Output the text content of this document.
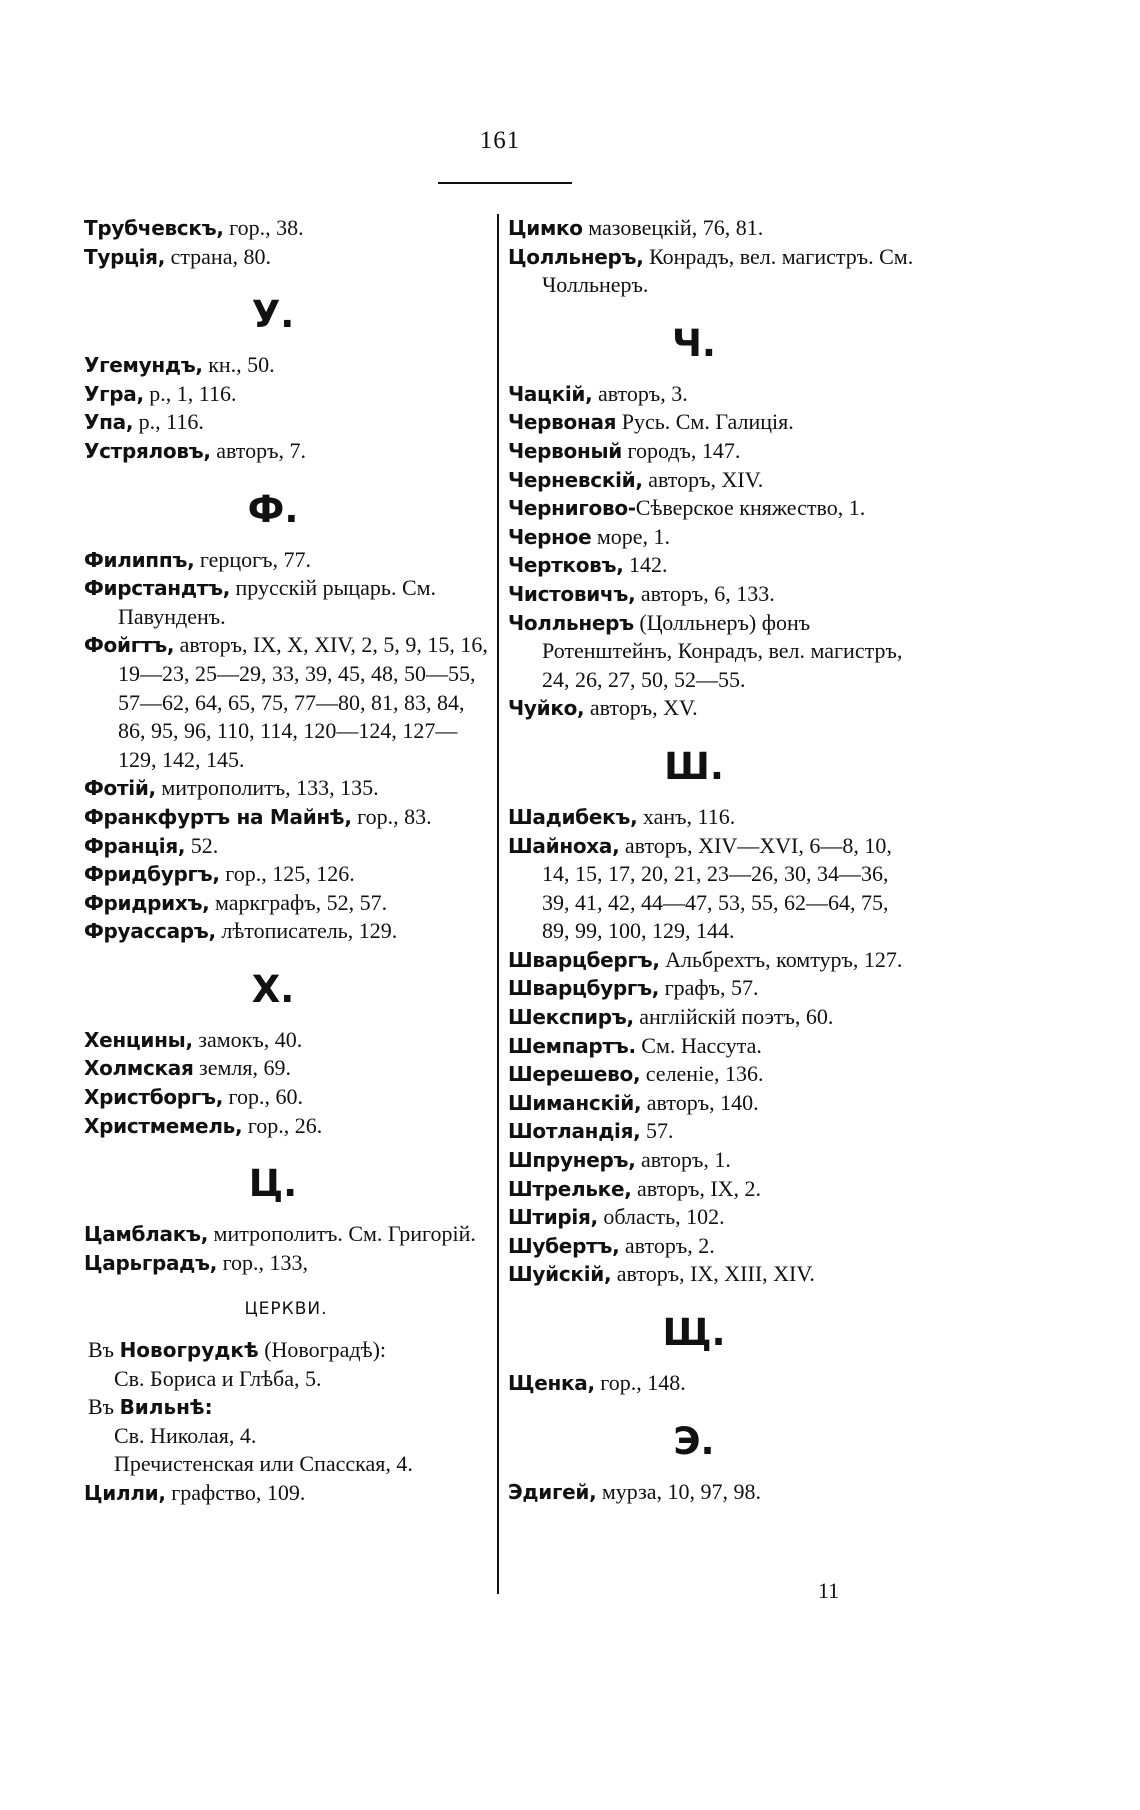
161
Трубчевскъ, гор., 38.
Турція, страна, 80.
У.
Угемундъ, кн., 50.
Угра, р., 1, 116.
Упа, р., 116.
Устряловъ, авторъ, 7.
Ф.
Филиппъ, герцогъ, 77.
Фирстандтъ, прусскій рыцарь. См. Павунденъ.
Фойгтъ, авторъ, IX, X, XIV, 2, 5, 9, 15, 16, 19—23, 25—29, 33, 39, 45, 48, 50—55, 57—62, 64, 65, 75, 77—80, 81, 83, 84, 86, 95, 96, 110, 114, 120—124, 127—129, 142, 145.
Фотій, митрополитъ, 133, 135.
Франкфуртъ на Майнѣ, гор., 83.
Франція, 52.
Фридбургъ, гор., 125, 126.
Фридрихъ, маркграфъ, 52, 57.
Фруассаръ, лѣтописатель, 129.
Х.
Хенцины, замокъ, 40.
Холмская земля, 69.
Христборгъ, гор., 60.
Христмемель, гор., 26.
Ц.
Цамблакъ, митрополитъ. См. Григорій.
Царьградъ, гор., 133,
ЦЕРКВИ.
Въ Новогрудкѣ (Новоградѣ):
Св. Бориса и Глѣба, 5.
Въ Вильнѣ:
Св. Николая, 4.
Пречистенская или Спасская, 4.
Цилли, графство, 109.
Цимко мазовецкій, 76, 81.
Цолльнеръ, Конрадъ, вел. магистръ. См. Чолльнеръ.
Ч.
Чацкій, авторъ, 3.
Червоная Русь. См. Галиція.
Червоный городъ, 147.
Черневскій, авторъ, XIV.
Чернигово-Сѣверское княжество, 1.
Черное море, 1.
Чертковъ, 142.
Чистовичъ, авторъ, 6, 133.
Чолльнеръ (Цолльнеръ) фонъ Ротенштейнъ, Конрадъ, вел. магистръ, 24, 26, 27, 50, 52—55.
Чуйко, авторъ, XV.
Ш.
Шадибекъ, ханъ, 116.
Шайноха, авторъ, XIV—XVI, 6—8, 10, 14, 15, 17, 20, 21, 23—26, 30, 34—36, 39, 41, 42, 44—47, 53, 55, 62—64, 75, 89, 99, 100, 129, 144.
Шварцбергъ, Альбрехтъ, комтуръ, 127.
Шварцбургъ, графъ, 57.
Шекспиръ, англійскій поэтъ, 60.
Шемпартъ. См. Нассута.
Шерешево, селеніе, 136.
Шиманскій, авторъ, 140.
Шотландія, 57.
Шпрунеръ, авторъ, 1.
Штрельке, авторъ, IX, 2.
Штирія, область, 102.
Шубертъ, авторъ, 2.
Шуйскій, авторъ, IX, XIII, XIV.
Щ.
Щенка, гор., 148.
Э.
Эдигей, мурза, 10, 97, 98.
11
